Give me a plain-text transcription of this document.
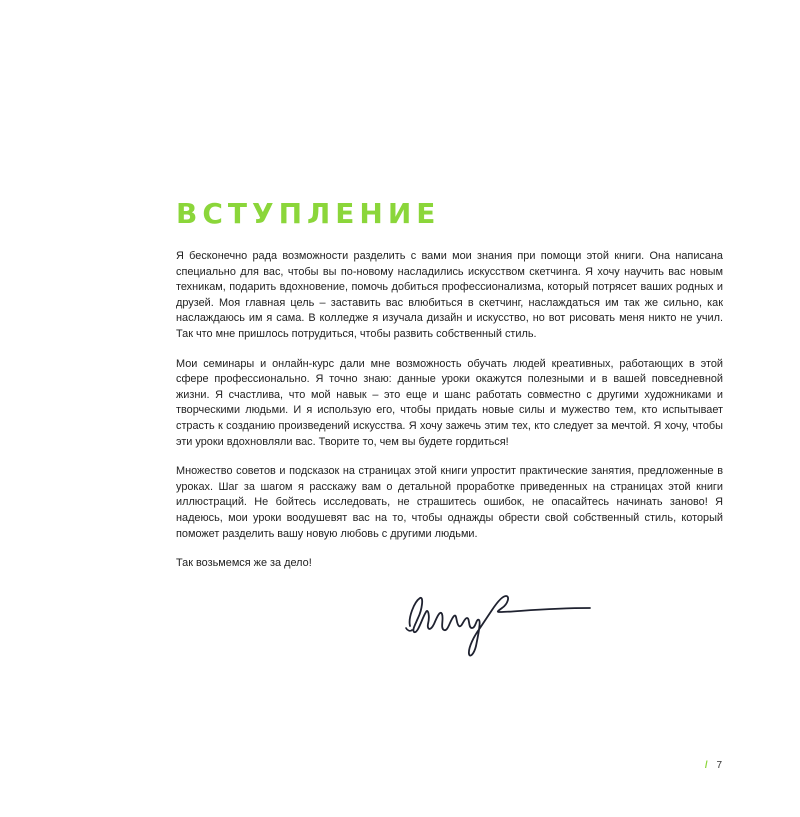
ВСТУПЛЕНИЕ

Я бесконечно рада возможности разделить с вами мои знания при помощи этой книги. Она написана специально для вас, чтобы вы по-новому насладились искусством скетчинга. Я хочу научить вас новым техникам, подарить вдохновение, помочь добиться профессионализма, который потрясет ваших родных и друзей. Моя главная цель – заставить вас влюбиться в скетчинг, наслаждаться им так же сильно, как наслаждаюсь им я сама. В колледже я изучала дизайн и искусство, но вот рисовать меня никто не учил. Так что мне пришлось потрудиться, чтобы развить собственный стиль.

Мои семинары и онлайн-курс дали мне возможность обучать людей креативных, работающих в этой сфере профессионально. Я точно знаю: данные уроки окажутся полезными и в вашей повседневной жизни. Я счастлива, что мой навык – это еще и шанс работать совместно с другими художниками и творческими людьми. И я использую его, чтобы придать новые силы и мужество тем, кто испытывает страсть к созданию произведений искусства. Я хочу зажечь этим тех, кто следует за мечтой. Я хочу, чтобы эти уроки вдохновляли вас. Творите то, чем вы будете гордиться!

Множество советов и подсказок на страницах этой книги упростит практические занятия, предложенные в уроках. Шаг за шагом я расскажу вам о детальной проработке приведенных на страницах этой книги иллюстраций. Не бойтесь исследовать, не страшитесь ошибок, не опасайтесь начинать заново! Я надеюсь, мои уроки воодушевят вас на то, чтобы однажды обрести свой собственный стиль, который поможет разделить вашу новую любовь с другими людьми.

Так возьмемся же за дело!

/ 7
